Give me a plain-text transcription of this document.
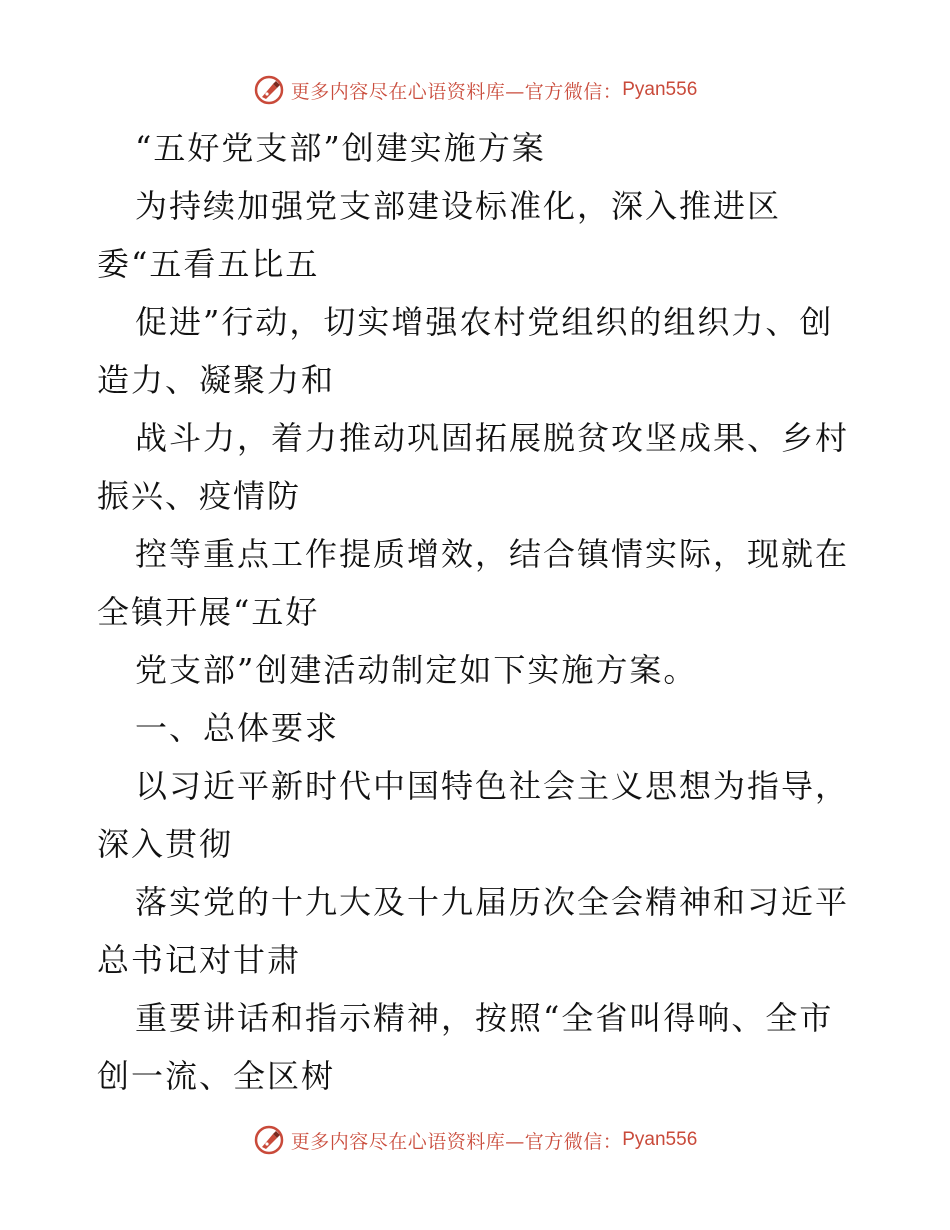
更多内容尽在心语资料库—官方微信： Pyan556
“五好党支部”创建实施方案
为持续加强党支部建设标准化，深入推进区
委“五看五比五
促进”行动，切实增强农村党组织的组织力、创
造力、凝聚力和
战斗力，着力推动巩固拓展脱贫攻坚成果、乡村
振兴、疫情防
控等重点工作提质增效，结合镇情实际，现就在
全镇开展“五好
党支部”创建活动制定如下实施方案。
一、总体要求
以习近平新时代中国特色社会主义思想为指导，
深入贯彻
落实党的十九大及十九届历次全会精神和习近平
总书记对甘肃
重要讲话和指示精神，按照“全省叫得响、全市
创一流、全区树
更多内容尽在心语资料库—官方微信： Pyan556
